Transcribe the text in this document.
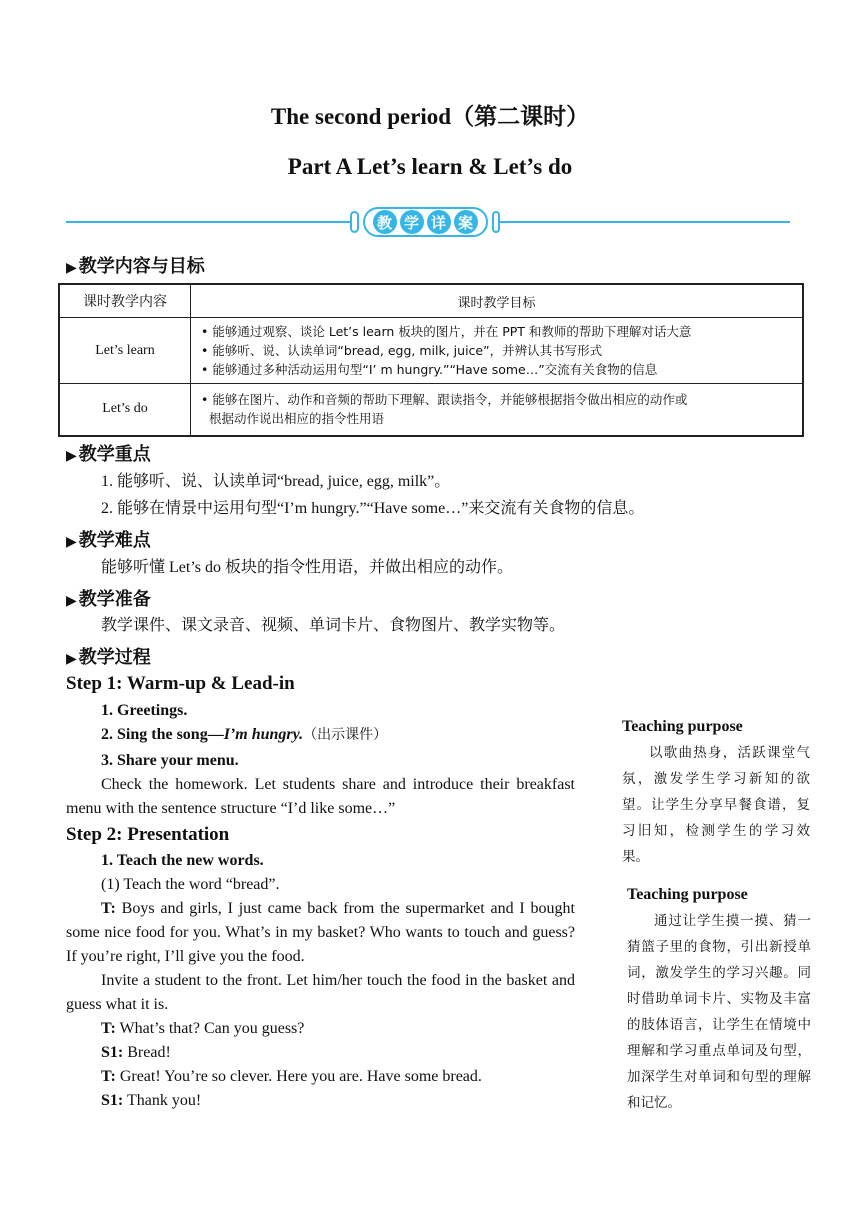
The second period（第二课时）
Part A Let’s learn & Let’s do
教 学 详 案
▶ 教学内容与目标
课时教学内容	课时教学目标
Let’s learn	• 能够通过观察、谈论 Let’s learn 板块的图片，并在 PPT 和教师的帮助下理解对话大意
• 能够听、说、认读单词“bread, egg, milk, juice”，并辨认其书写形式
• 能够通过多种活动运用句型“I’ m hungry.”“Have some…”交流有关食物的信息

Let’s do	• 能够在图片、动作和音频的帮助下理解、跟读指令，并能够根据指令做出相应的动作或
根据动作说出相应的指令性用语
▶ 教学重点
1. 能够听、说、认读单词“bread, juice, egg, milk”。
2. 能够在情景中运用句型“I’m hungry.”“Have some…”来交流有关食物的信息。
▶ 教学难点
能够听懂 Let’s do 板块的指令性用语，并做出相应的动作。
▶ 教学准备
教学课件、课文录音、视频、单词卡片、食物图片、教学实物等。
▶ 教学过程
Step 1: Warm-up & Lead-in
1. Greetings.
2. Sing the song—I’m hungry.（出示课件）
3. Share your menu.
Check the homework. Let students share and introduce their breakfast menu with the sentence structure “I’d like some…”
Step 2: Presentation
1. Teach the new words.
(1) Teach the word “bread”.
T: Boys and girls, I just came back from the supermarket and I bought some nice food for you. What’s in my basket? Who wants to touch and guess? If you’re right, I’ll give you the food.
Invite a student to the front. Let him/her touch the food in the basket and guess what it is.
T: What’s that? Can you guess?
S1: Bread!
T: Great! You’re so clever. Here you are. Have some bread.
S1: Thank you!
Teaching purpose
以歌曲热身，活跃课堂气氛，激发学生学习新知的欲望。让学生分享早餐食谱，复习旧知，检测学生的学习效果。
Teaching purpose
通过让学生摸一摸、猜一猜篮子里的食物，引出新授单词，激发学生的学习兴趣。同时借助单词卡片、实物及丰富的肢体语言，让学生在情境中理解和学习重点单词及句型，加深学生对单词和句型的理解和记忆。
